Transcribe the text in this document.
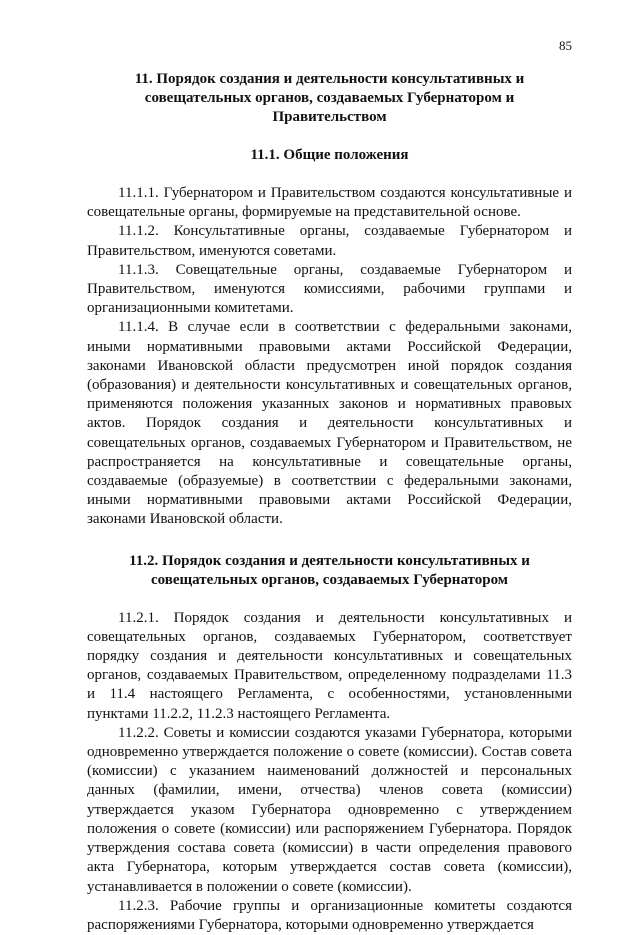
85
11. Порядок создания и деятельности консультативных и совещательных органов, создаваемых Губернатором и Правительством
11.1. Общие положения

11.1.1. Губернатором и Правительством создаются консультативные и совещательные органы, формируемые на представительной основе.

11.1.2. Консультативные органы, создаваемые Губернатором и Правительством, именуются советами.

11.1.3. Совещательные органы, создаваемые Губернатором и Правительством, именуются комиссиями, рабочими группами и организационными комитетами.

11.1.4. В случае если в соответствии с федеральными законами, иными нормативными правовыми актами Российской Федерации, законами Ивановской области предусмотрен иной порядок создания (образования) и деятельности консультативных и совещательных органов, применяются положения указанных законов и нормативных правовых актов. Порядок создания и деятельности консультативных и совещательных органов, создаваемых Губернатором и Правительством, не распространяется на консультативные и совещательные органы, создаваемые (образуемые) в соответствии с федеральными законами, иными нормативными правовыми актами Российской Федерации, законами Ивановской области.

11.2. Порядок создания и деятельности консультативных и совещательных органов, создаваемых Губернатором

11.2.1. Порядок создания и деятельности консультативных и совещательных органов, создаваемых Губернатором, соответствует порядку создания и деятельности консультативных и совещательных органов, создаваемых Правительством, определенному подразделами 11.3 и 11.4 настоящего Регламента, с особенностями, установленными пунктами 11.2.2, 11.2.3 настоящего Регламента.

11.2.2. Советы и комиссии создаются указами Губернатора, которыми одновременно утверждается положение о совете (комиссии). Состав совета (комиссии) с указанием наименований должностей и персональных данных (фамилии, имени, отчества) членов совета (комиссии) утверждается указом Губернатора одновременно с утверждением положения о совете (комиссии) или распоряжением Губернатора. Порядок утверждения состава совета (комиссии) в части определения правового акта Губернатора, которым утверждается состав совета (комиссии), устанавливается в положении о совете (комиссии).

11.2.3. Рабочие группы и организационные комитеты создаются распоряжениями Губернатора, которыми одновременно утверждается
